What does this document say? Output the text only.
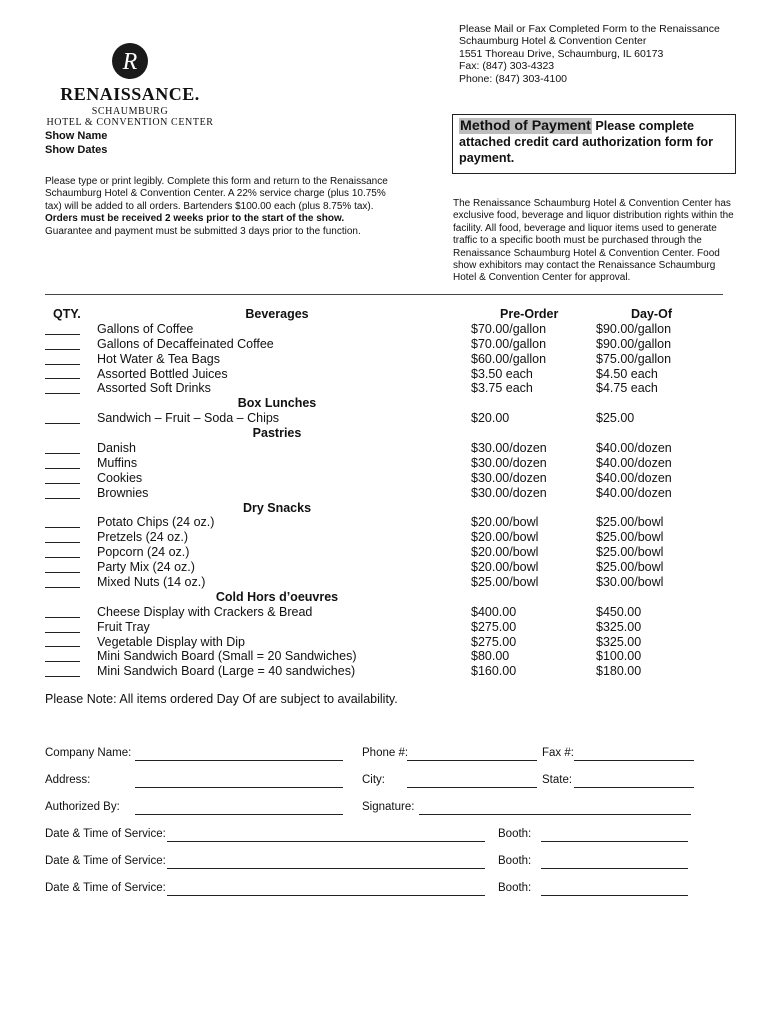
Please Mail or Fax Completed Form to the Renaissance
Schaumburg Hotel & Convention Center
1551 Thoreau Drive, Schaumburg, IL 60173
Fax: (847) 303-4323
Phone: (847) 303-4100
R
RENAISSANCE.
SCHAUMBURG
HOTEL & CONVENTION CENTER
Show Name
Show Dates
Method of Payment Please complete attached credit card authorization form for payment.
Please type or print legibly. Complete this form and return to the Renaissance Schaumburg Hotel & Convention Center. A 22% service charge (plus 10.75% tax) will be added to all orders. Bartenders $100.00 each (plus 8.75% tax).
Orders must be received 2 weeks prior to the start of the show.
Guarantee and payment must be submitted 3 days prior to the function.
The Renaissance Schaumburg Hotel & Convention Center has exclusive food, beverage and liquor distribution rights within the facility. All food, beverage and liquor items used to generate traffic to a specific booth must be purchased through the Renaissance Schaumburg Hotel & Convention Center. Food show exhibitors may contact the Renaissance Schaumburg Hotel & Convention Center for approval.
QTY.	Beverages	Pre-Order	Day-Of
Gallons of Coffee	$70.00/gallon	$90.00/gallon
Gallons of Decaffeinated Coffee	$70.00/gallon	$90.00/gallon
Hot Water & Tea Bags	$60.00/gallon	$75.00/gallon
Assorted Bottled Juices	$3.50 each	$4.50 each
Assorted Soft Drinks	$3.75 each	$4.75 each
Box Lunches
Sandwich – Fruit – Soda – Chips	$20.00	$25.00
Pastries
Danish	$30.00/dozen	$40.00/dozen
Muffins	$30.00/dozen	$40.00/dozen
Cookies	$30.00/dozen	$40.00/dozen
Brownies	$30.00/dozen	$40.00/dozen
Dry Snacks
Potato Chips (24 oz.)	$20.00/bowl	$25.00/bowl
Pretzels (24 oz.)	$20.00/bowl	$25.00/bowl
Popcorn (24 oz.)	$20.00/bowl	$25.00/bowl
Party Mix (24 oz.)	$20.00/bowl	$25.00/bowl
Mixed Nuts (14 oz.)	$25.00/bowl	$30.00/bowl
Cold Hors d’oeuvres
Cheese Display with Crackers & Bread	$400.00	$450.00
Fruit Tray	$275.00	$325.00
Vegetable Display with Dip	$275.00	$325.00
Mini Sandwich Board (Small = 20 Sandwiches)	$80.00	$100.00
Mini Sandwich Board (Large = 40 sandwiches)	$160.00	$180.00
Please Note: All items ordered Day Of are subject to availability.
Company Name:	Phone #:	Fax #:
Address:	City:	State:
Authorized By:	Signature:
Date & Time of Service:	Booth:
Date & Time of Service:	Booth:
Date & Time of Service:	Booth:
